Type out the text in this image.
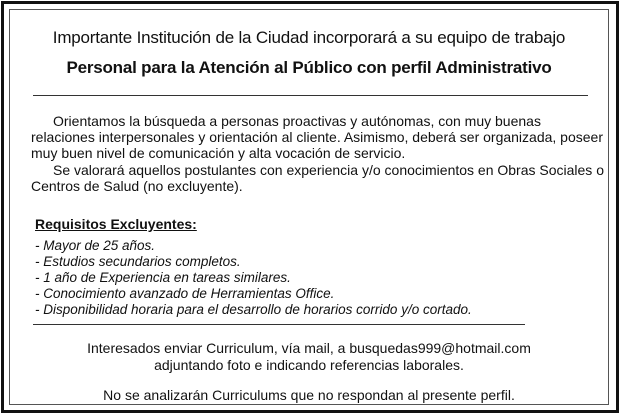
Importante Institución de la Ciudad incorporará a su equipo de trabajo
Personal para la Atención al Público con perfil Administrativo

Orientamos la búsqueda a personas proactivas y autónomas, con muy buenas relaciones interpersonales y orientación al cliente. Asimismo, deberá ser organizada, poseer muy buen nivel de comunicación y alta vocación de servicio.

Se valorará aquellos postulantes con experiencia y/o conocimientos en Obras Sociales o Centros de Salud (no excluyente).

Requisitos Excluyentes:
- Mayor de 25 años.
- Estudios secundarios completos.
- 1 año de Experiencia en tareas similares.
- Conocimiento avanzado de Herramientas Office.
- Disponibilidad horaria para el desarrollo de horarios corrido y/o cortado.
Interesados enviar Curriculum, vía mail, a busquedas999@hotmail.com
adjuntando foto e indicando referencias laborales.
No se analizarán Curriculums que no respondan al presente perfil.
